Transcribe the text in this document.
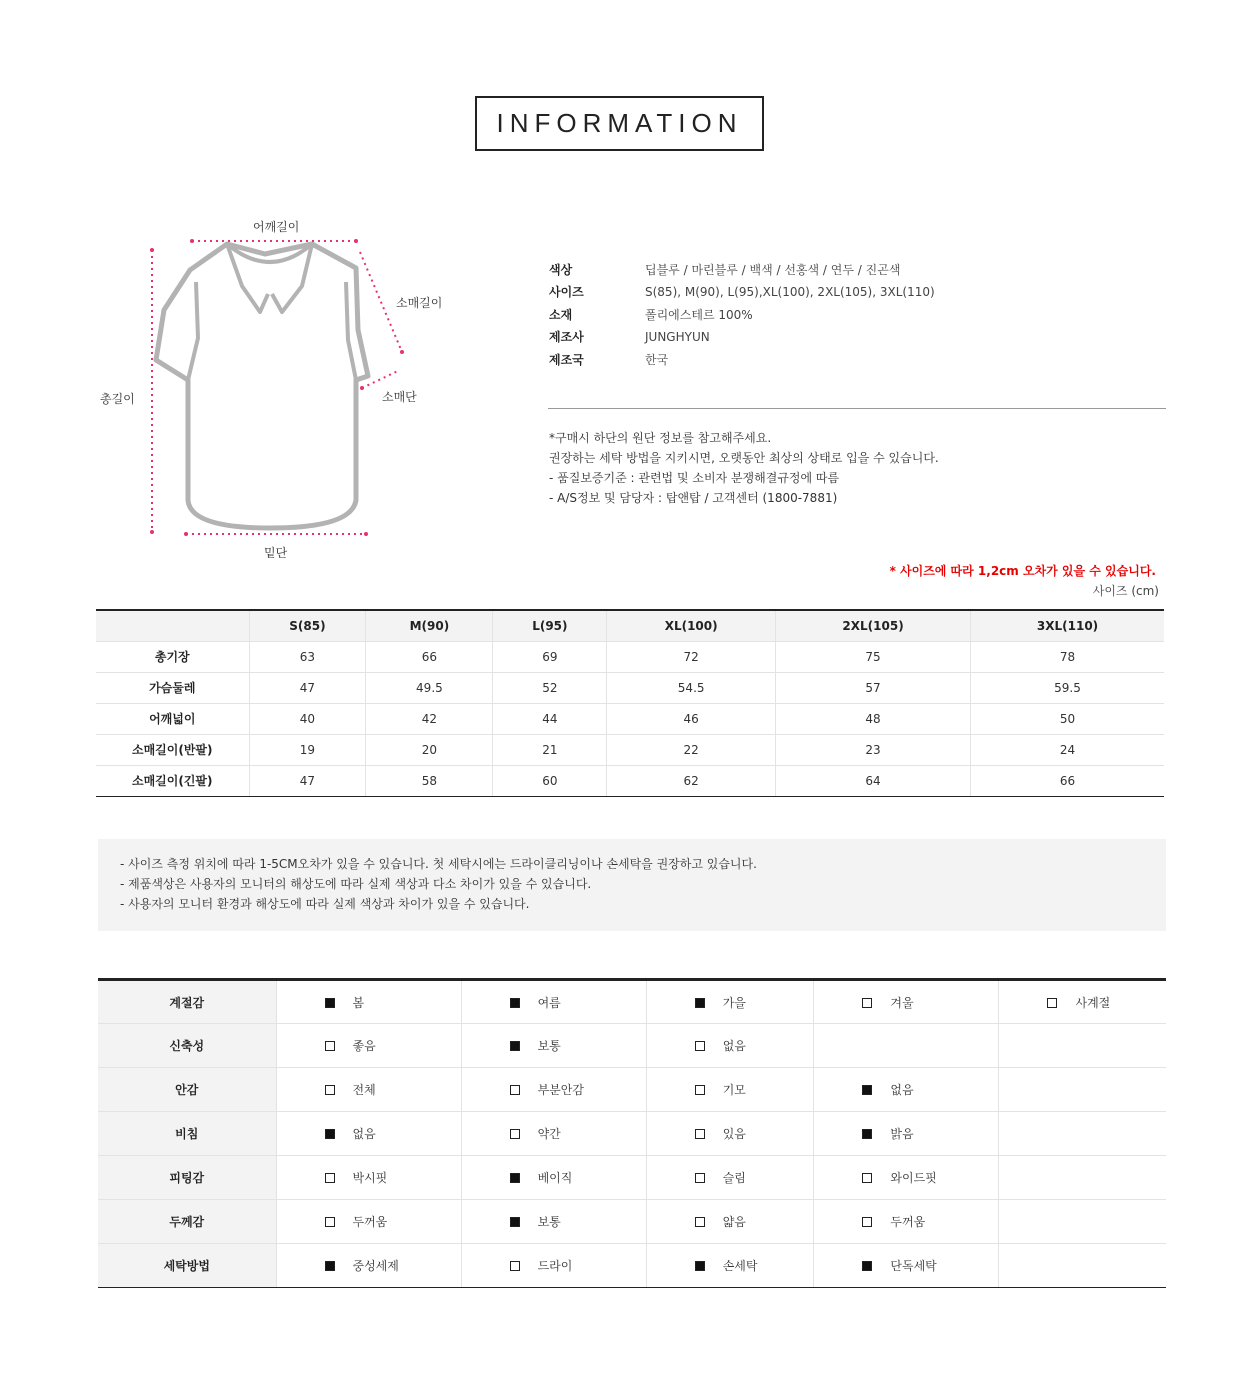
INFORMATION
어깨길이
소매길이
소매단
총길이
밑단
색상	딥블루 / 마린블루 / 백색 / 선홍색 / 연두 / 진곤색
사이즈	S(85), M(90), L(95),XL(100), 2XL(105), 3XL(110)
소재	폴리에스테르 100%
제조사	JUNGHYUN
제조국	한국
*구매시 하단의 원단 정보를 참고해주세요.
권장하는 세탁 방법을 지키시면, 오랫동안 최상의 상태로 입을 수 있습니다.
- 품질보증기준 : 관련법 및 소비자 분쟁해결규정에 따름
- A/S정보 및 담당자 : 탑앤탑 / 고객센터 (1800-7881)
* 사이즈에 따라 1,2cm 오차가 있을 수 있습니다.
사이즈 (cm)
	S(85)	M(90)	L(95)	XL(100)	2XL(105)	3XL(110)
총기장	63	66	69	72	75	78
가슴둘레	47	49.5	52	54.5	57	59.5
어깨넓이	40	42	44	46	48	50
소매길이(반팔)	19	20	21	22	23	24
소매길이(긴팔)	47	58	60	62	64	66
- 사이즈 측정 위치에 따라 1-5CM오차가 있을 수 있습니다. 첫 세탁시에는 드라이클리닝이나 손세탁을 권장하고 있습니다.
- 제품색상은 사용자의 모니터의 해상도에 따라 실제 색상과 다소 차이가 있을 수 있습니다.
- 사용자의 모니터 환경과 해상도에 따라 실제 색상과 차이가 있을 수 있습니다.
계절감	봄	여름	가을	겨울	사계절
신축성	좋음	보통	없음		
안감	전체	부분안감	기모	없음	
비침	없음	약간	있음	밝음	
피팅감	박시핏	베이직	슬림	와이드핏	
두께감	두꺼움	보통	얇음	두꺼움	
세탁방법	중성세제	드라이	손세탁	단독세탁	
